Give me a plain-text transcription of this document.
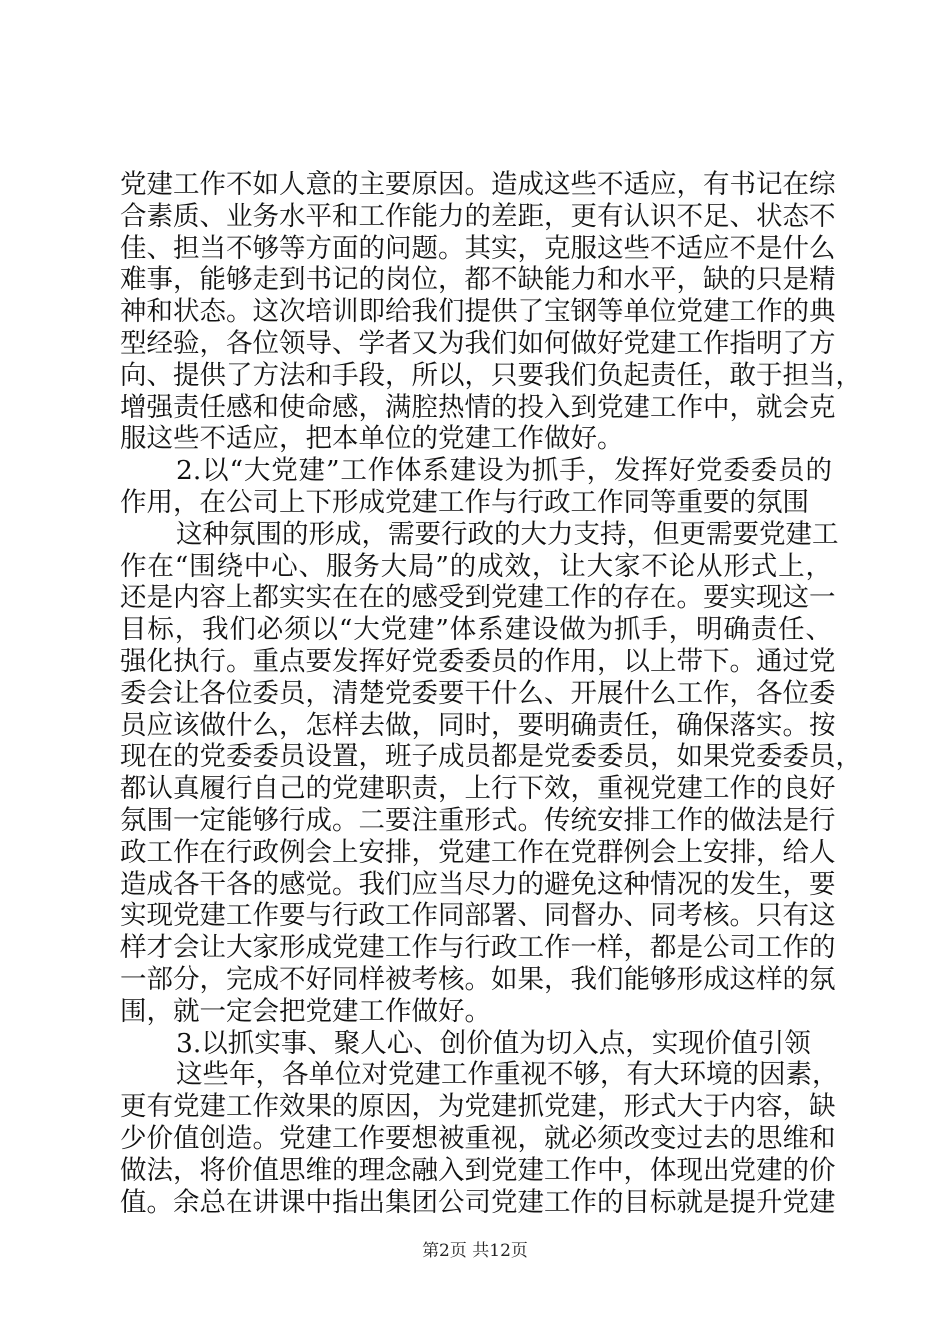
党建工作不如人意的主要原因。造成这些不适应，有书记在综
合素质、业务水平和工作能力的差距，更有认识不足、状态不
佳、担当不够等方面的问题。其实，克服这些不适应不是什么
难事，能够走到书记的岗位，都不缺能力和水平，缺的只是精
神和状态。这次培训即给我们提供了宝钢等单位党建工作的典
型经验，各位领导、学者又为我们如何做好党建工作指明了方
向、提供了方法和手段，所以，只要我们负起责任，敢于担当，
增强责任感和使命感，满腔热情的投入到党建工作中，就会克
服这些不适应，把本单位的党建工作做好。
2.以“大党建”工作体系建设为抓手，发挥好党委委员的
作用，在公司上下形成党建工作与行政工作同等重要的氛围
这种氛围的形成，需要行政的大力支持，但更需要党建工
作在“围绕中心、服务大局”的成效，让大家不论从形式上，
还是内容上都实实在在的感受到党建工作的存在。要实现这一
目标，我们必须以“大党建”体系建设做为抓手，明确责任、
强化执行。重点要发挥好党委委员的作用，以上带下。通过党
委会让各位委员，清楚党委要干什么、开展什么工作，各位委
员应该做什么，怎样去做，同时，要明确责任，确保落实。按
现在的党委委员设置，班子成员都是党委委员，如果党委委员，
都认真履行自己的党建职责，上行下效，重视党建工作的良好
氛围一定能够行成。二要注重形式。传统安排工作的做法是行
政工作在行政例会上安排，党建工作在党群例会上安排，给人
造成各干各的感觉。我们应当尽力的避免这种情况的发生，要
实现党建工作要与行政工作同部署、同督办、同考核。只有这
样才会让大家形成党建工作与行政工作一样，都是公司工作的
一部分，完成不好同样被考核。如果，我们能够形成这样的氛
围，就一定会把党建工作做好。
3.以抓实事、聚人心、创价值为切入点，实现价值引领
这些年，各单位对党建工作重视不够，有大环境的因素，
更有党建工作效果的原因，为党建抓党建，形式大于内容，缺
少价值创造。党建工作要想被重视，就必须改变过去的思维和
做法，将价值思维的理念融入到党建工作中，体现出党建的价
值。余总在讲课中指出集团公司党建工作的目标就是提升党建
第2页 共12页
